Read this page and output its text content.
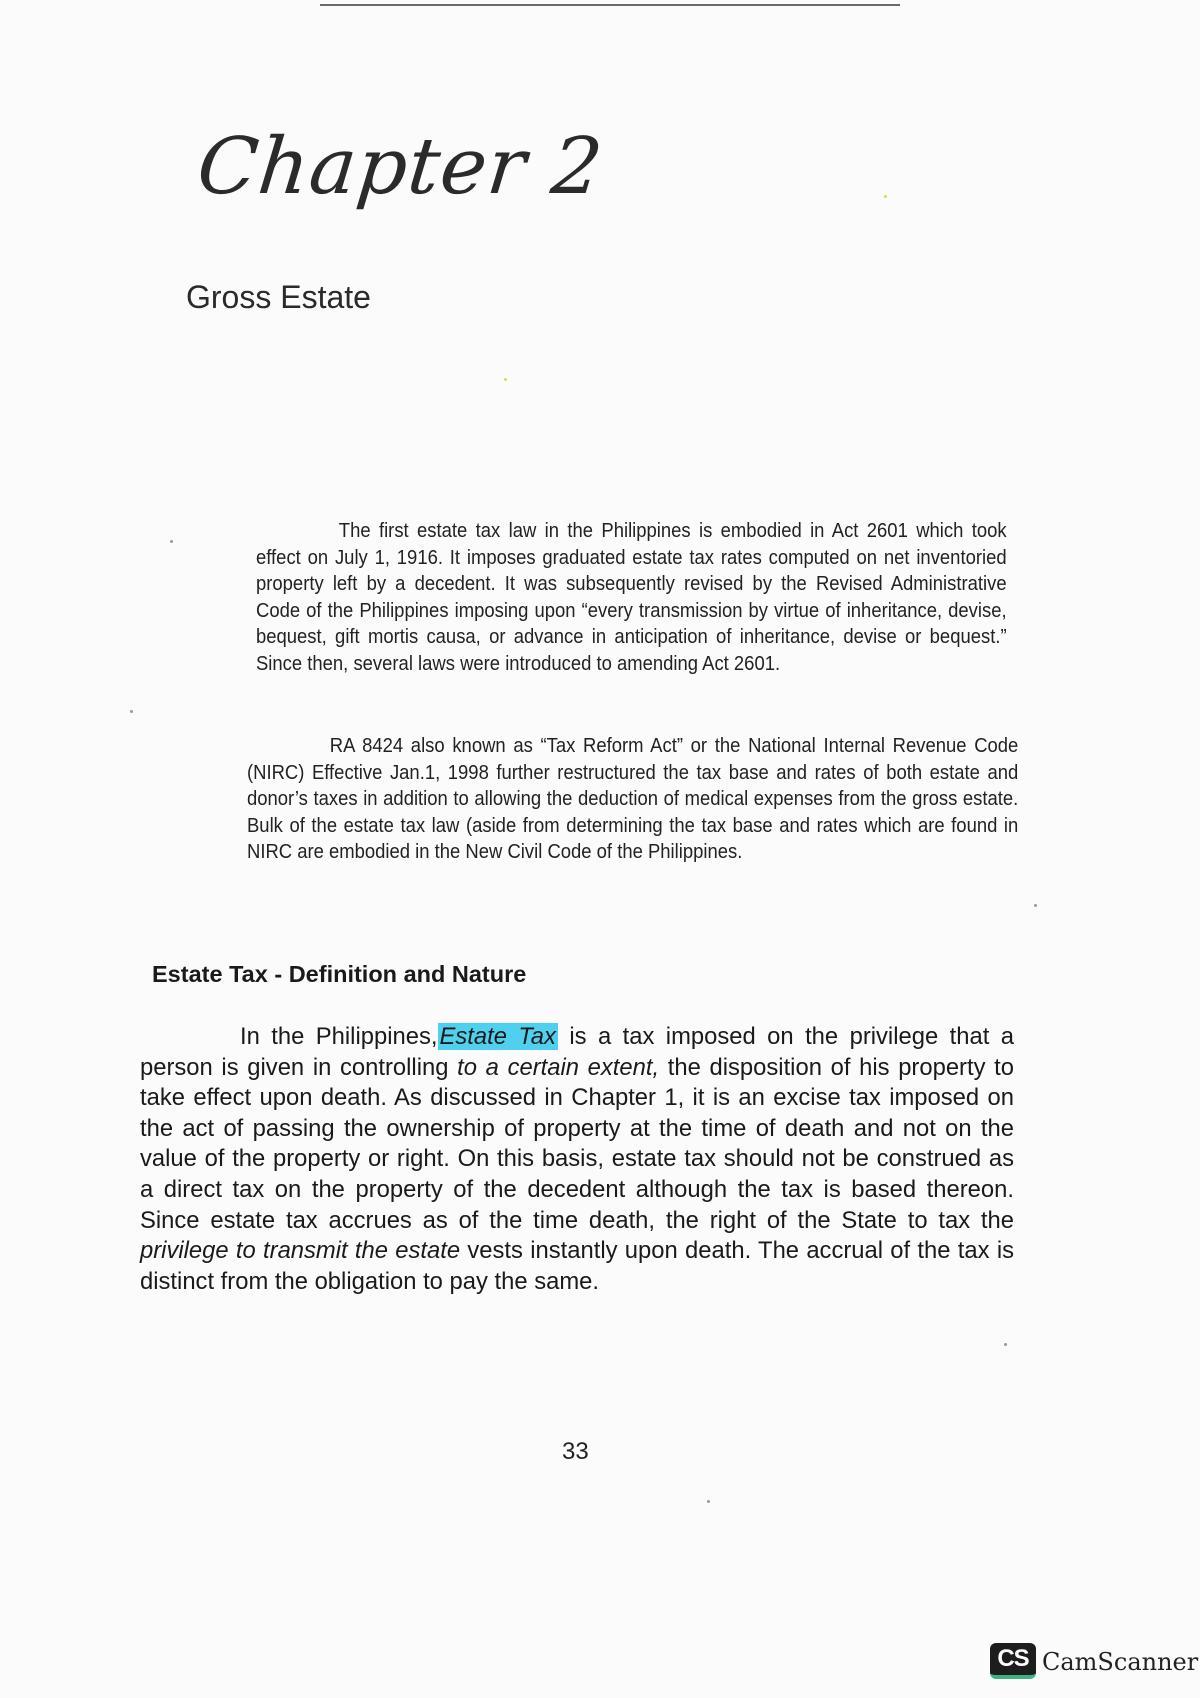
Chapter 2
Gross Estate

The first estate tax law in the Philippines is embodied in Act 2601 which took effect on July 1, 1916. It imposes graduated estate tax rates computed on net inventoried property left by a decedent. It was subsequently revised by the Revised Administrative Code of the Philippines imposing upon “every transmission by virtue of inheritance, devise, bequest, gift mortis causa, or advance in anticipation of inheritance, devise or bequest.” Since then, several laws were introduced to amending Act 2601.

RA 8424 also known as “Tax Reform Act” or the National Internal Revenue Code (NIRC) Effective Jan.1, 1998 further restructured the tax base and rates of both estate and donor’s taxes in addition to allowing the deduction of medical expenses from the gross estate. Bulk of the estate tax law (aside from determining the tax base and rates which are found in NIRC are embodied in the New Civil Code of the Philippines.

Estate Tax - Definition and Nature

In the Philippines,Estate Tax is a tax imposed on the privilege that a person is given in controlling to a certain extent, the disposition of his property to take effect upon death. As discussed in Chapter 1, it is an excise tax imposed on the act of passing the ownership of property at the time of death and not on the value of the property or right. On this basis, estate tax should not be construed as a direct tax on the property of the decedent although the tax is based thereon. Since estate tax accrues as of the time death, the right of the State to tax the privilege to transmit the estate vests instantly upon death. The accrual of the tax is distinct from the obligation to pay the same.

33
CS CamScanner
